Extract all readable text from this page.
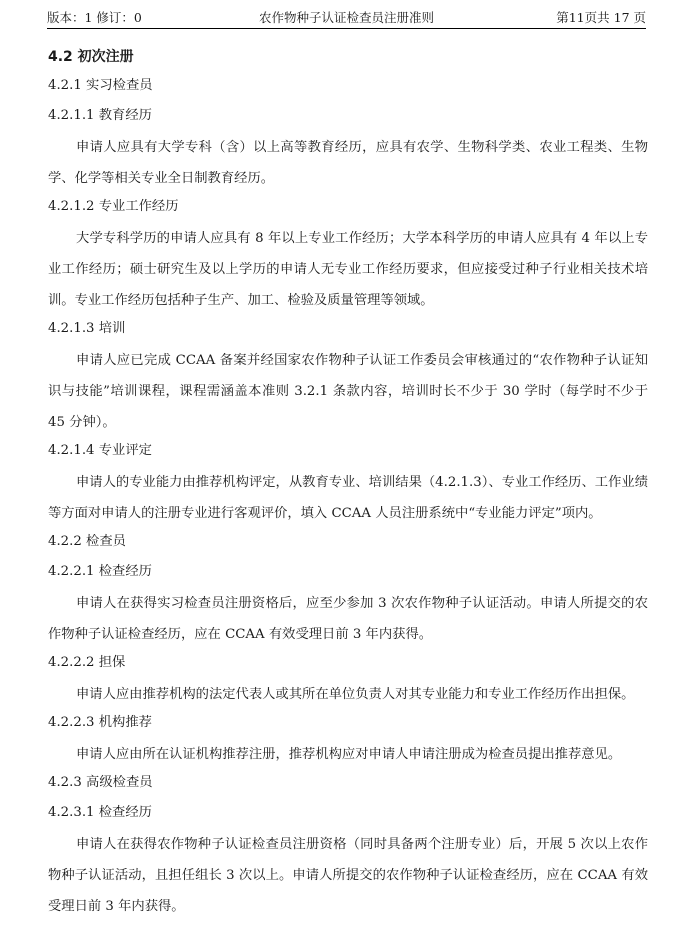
版本：1 修订：0	农作物种子认证检查员注册准则	第11页共 17 页
4.2 初次注册
4.2.1 实习检查员
4.2.1.1 教育经历
申请人应具有大学专科（含）以上高等教育经历，应具有农学、生物科学类、农业工程类、生物学、化学等相关专业全日制教育经历。
4.2.1.2 专业工作经历
大学专科学历的申请人应具有 8 年以上专业工作经历；大学本科学历的申请人应具有 4 年以上专业工作经历；硕士研究生及以上学历的申请人无专业工作经历要求，但应接受过种子行业相关技术培训。专业工作经历包括种子生产、加工、检验及质量管理等领域。
4.2.1.3 培训
申请人应已完成 CCAA 备案并经国家农作物种子认证工作委员会审核通过的“农作物种子认证知识与技能”培训课程，课程需涵盖本准则 3.2.1 条款内容，培训时长不少于 30 学时（每学时不少于 45 分钟）。
4.2.1.4 专业评定
申请人的专业能力由推荐机构评定，从教育专业、培训结果（4.2.1.3）、专业工作经历、工作业绩等方面对申请人的注册专业进行客观评价，填入 CCAA 人员注册系统中“专业能力评定”项内。
4.2.2 检查员
4.2.2.1 检查经历
申请人在获得实习检查员注册资格后，应至少参加 3 次农作物种子认证活动。申请人所提交的农作物种子认证检查经历，应在 CCAA 有效受理日前 3 年内获得。
4.2.2.2 担保
申请人应由推荐机构的法定代表人或其所在单位负责人对其专业能力和专业工作经历作出担保。
4.2.2.3 机构推荐
申请人应由所在认证机构推荐注册，推荐机构应对申请人申请注册成为检查员提出推荐意见。
4.2.3 高级检查员
4.2.3.1 检查经历
申请人在获得农作物种子认证检查员注册资格（同时具备两个注册专业）后，开展 5 次以上农作物种子认证活动，且担任组长 3 次以上。申请人所提交的农作物种子认证检查经历，应在 CCAA 有效受理日前 3 年内获得。
